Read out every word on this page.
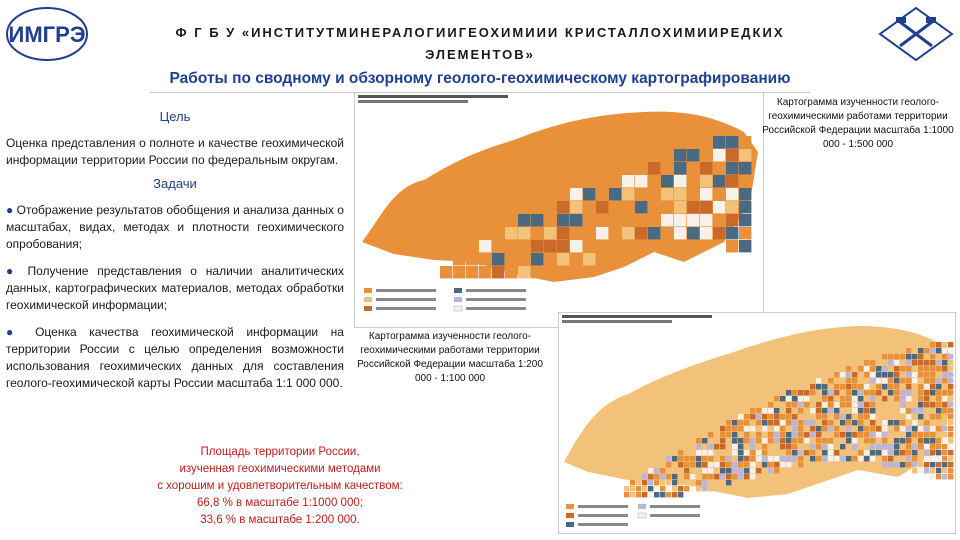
ИМГРЭ	Ф Г Б У «ИНСТИТУТМИНЕРАЛОГИИГЕОХИМИИИ КРИСТАЛЛОХИМИИРЕДКИХ
ЭЛЕМЕНТОВ»
Работы по сводному и обзорному геолого-геохимическому картографированию
Цель

Оценка представления о полноте и качестве геохимической информации территории России по федеральным округам.

Задачи
● Отображение результатов обобщения и анализа данных о масштабах, видах, методах и плотности геохимического опробования;
● Получение представления о наличии аналитических данных, картографических материалов, методах обработки геохимической информации;
● Оценка качества геохимической информации на территории России с целью определения возможности использования геохимических данных для составления геолого-геохимической карты России масштаба 1:1 000 000.
Площадь территории России,
изученная геохимическими методами
с хорошим и удовлетворительным качеством:
66,8 % в масштабе 1:1000 000;
33,6 % в масштабе 1:200 000.
Картограмма изученности геолого-геохимическими работами территории Российской Федерации масштаба 1:1000 000 - 1:500 000
Картограмма изученности геолого-геохимическими работами территории Российской Федерации масштаба 1:200 000 - 1:100 000
